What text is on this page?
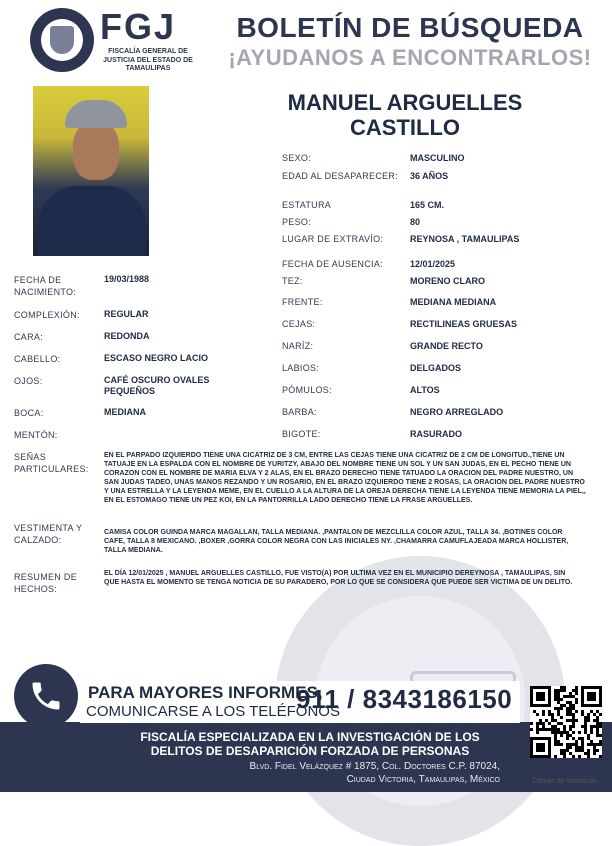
FGJ
FISCALÍA GENERAL DE JUSTICIA DEL ESTADO DE TAMAULIPAS
BOLETÍN DE BÚSQUEDA
¡AYUDANOS A ENCONTRARLOS!
MANUEL ARGUELLES CASTILLO
SEXO:	MASCULINO
EDAD AL DESAPARECER: 36 AÑOS
ESTATURA	165 CM.
PESO:	80
LUGAR DE EXTRAVÍO:	REYNOSA , TAMAULIPAS
FECHA DE AUSENCIA:	12/01/2025
TEZ:	MORENO CLARO
FRENTE:	MEDIANA MEDIANA
CEJAS:	RECTILINEAS GRUESAS
NARÍZ:	GRANDE RECTO
LABIOS:	DELGADOS
PÓMULOS:	ALTOS
BARBA:	NEGRO ARREGLADO
BIGOTE:	RASURADO
FECHA DE NACIMIENTO:
19/03/1988
COMPLEXIÓN:	REGULAR
CARA:	REDONDA
CABELLO:	ESCASO NEGRO LACIO
OJOS:	CAFÉ OSCURO OVALES PEQUEÑOS
BOCA:	MEDIANA
MENTÓN:
SEÑAS PARTICULARES:
EN EL PARPADO IZQUIERDO TIENE UNA CICATRIZ DE 3 CM, ENTRE LAS CEJAS TIENE UNA CICATRIZ DE 2 CM DE LONGITUD.,TIENE UN TATUAJE EN LA ESPALDA CON EL NOMBRE DE YURITZY, ABAJO DEL NOMBRE TIENE UN SOL Y UN SAN JUDAS, EN EL PECHO TIENE UN CORAZON CON EL NOMBRE DE MARIA ELVA Y 2 ALAS, EN EL BRAZO DERECHO TIENE TATUADO LA ORACION DEL PADRE NUESTRO, UN SAN JUDAS TADEO, UNAS MANOS REZANDO Y UN ROSARIO, EN EL BRAZO IZQUIERDO TIENE 2 ROSAS, LA ORACION DEL PADRE NUESTRO Y UNA ESTRELLA Y LA LEYENDA MEME, EN EL CUELLO A LA ALTURA DE LA OREJA DERECHA TIENE LA LEYENDA TIENE MEMORIA LA PIEL,, EN EL ESTOMAGO TIENE UN PEZ KOI, EN LA PANTORRILLA LADO DERECHO TIENE LA FRASE ARGUELLES.
VESTIMENTA Y CALZADO:
CAMISA COLOR GUINDA MARCA MAGALLAN, TALLA MEDIANA. ,PANTALON DE MEZCLILLA COLOR AZUL, TALLA 34. ,BOTINES COLOR CAFE, TALLA 8 MEXICANO. ,BOXER ,GORRA COLOR NEGRA CON LAS INICIALES NY. ,CHAMARRA CAMUFLAJEADA MARCA HOLLISTER, TALLA MEDIANA.
RESUMEN DE HECHOS:
EL DÍA 12/01/2025 , MANUEL ARGUELLES CASTILLO, FUE VISTO(A) POR ULTIMA VEZ EN EL MUNICIPIO DEREYNOSA , TAMAULIPAS, SIN QUE HASTA EL MOMENTO SE TENGA NOTICIA DE SU PARADERO, POR LO QUE SE CONSIDERA QUE PUEDE SER VICTIMA DE UN DELITO.
PARA MAYORES INFORMES,
COMUNICARSE A LOS TELÉFONOS
911 / 8343186150
FISCALÍA ESPECIALIZADA EN LA INVESTIGACIÓN DE LOS
DELITOS DE DESAPARICIÓN FORZADA DE PERSONAS
Blvd. Fidel Velázquez # 1875, Col. Doctores C.P. 87024,
Ciudad Victoria, Tamaulipas, México	Código de Validación
